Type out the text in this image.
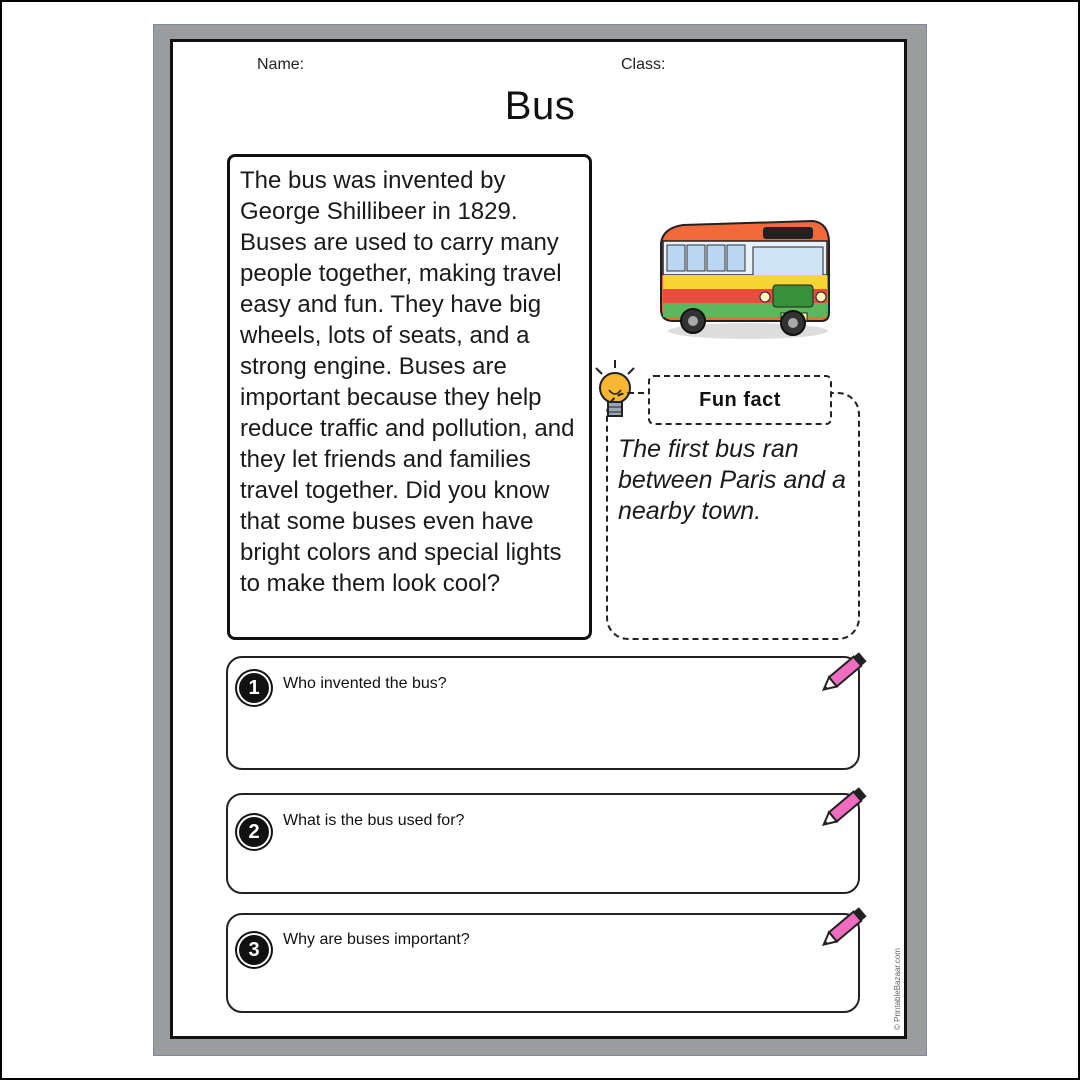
Name:	Class:
Bus

The bus was invented by George Shillibeer in 1829. Buses are used to carry many people together, making travel easy and fun. They have big wheels, lots of seats, and a strong engine. Buses are important because they help reduce traffic and pollution, and they let friends and families travel together. Did you know that some buses even have bright colors and special lights to make them look cool?

Fun fact
The first bus ran between Paris and a nearby town.
1	Who invented the bus?
2	What is the bus used for?
3	Why are buses important?
© PrintableBazaar.com
